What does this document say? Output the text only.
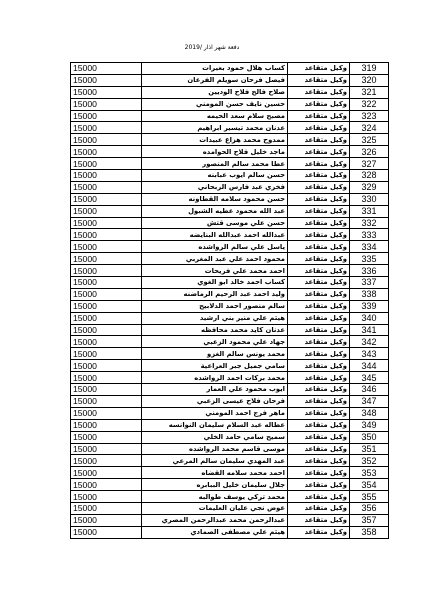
دفعة شهر اذار /2019
15000	كساب هلال حمود بعيرات	وكيل متقاعد	319
15000	فيصل فرحان سويلم الفرعان	وكيل متقاعد	320
15000	صلاح فالح فلاح الوديين	وكيل متقاعد	321
15000	حسين نايف حسن المومني	وكيل متقاعد	322
15000	مصبح سلام سعد الحيمه	وكيل متقاعد	323
15000	عدنان محمد تيسير ابراهيم	وكيل متقاعد	324
15000	ممدوح محمد هزاع عبيدات	وكيل متقاعد	325
15000	ماجد خليل فلاح الحوامده	وكيل متقاعد	326
15000	عطا محمد سالم المنصور	وكيل متقاعد	327
15000	حسن سالم ايوب عبابنه	وكيل متقاعد	328
15000	فخري عبد فارس الربحاني	وكيل متقاعد	329
15000	حسن محمود سلامه القطاونه	وكيل متقاعد	330
15000	عبد الله محمود عطيه الشبول	وكيل متقاعد	331
15000	حسن علي موسى قتش	وكيل متقاعد	332
15000	عبدالله احمد عبدالله البنايضه	وكيل متقاعد	333
15000	ياسل علي سالم الرواشده	وكيل متقاعد	334
15000	محمود احمد علي عبد المغربي	وكيل متقاعد	335
15000	احمد محمد علي فريحات	وكيل متقاعد	336
15000	كساب احمد خالد ابو الغوي	وكيل متقاعد	337
15000	وليد احمد عبد الرحيم الرماضنه	وكيل متقاعد	338
15000	سالم منصور احمد الدلابيح	وكيل متقاعد	339
15000	هيثم علي منير بني ارشيد	وكيل متقاعد	340
15000	عدنان كايد محمد محافظه	وكيل متقاعد	341
15000	جهاد علي محمود الزعبي	وكيل متقاعد	342
15000	محمد يونس سالم الغزو	وكيل متقاعد	343
15000	سامي جميل جبر العراعية	وكيل متقاعد	344
15000	محمد بركات احمد الرواشده	وكيل متقاعد	345
15000	ايوب محمود علي العمار	وكيل متقاعد	346
15000	فرحان فلاح عيسى الزعبي	وكيل متقاعد	347
15000	ماهر فرج احمد المومني	وكيل متقاعد	348
15000	عطاله عبد السلام سليمان النوانسه	وكيل متقاعد	349
15000	سميح سامي حامد الخلي	وكيل متقاعد	350
15000	موسى قاسم محمد الرواشده	وكيل متقاعد	351
15000	عبد المهدي سليمان سالم المرعي	وكيل متقاعد	352
15000	احمد محمد سلامه القضاه	وكيل متقاعد	353
15000	جلال سليمان خليل الببابره	وكيل متقاعد	354
15000	محمد تركي يوسف طوالبه	وكيل متقاعد	355
15000	عوض نجي عليان العليمات	وكيل متقاعد	356
15000	عبدالرحمن محمد عبدالرحمن المصري	وكيل متقاعد	357
15000	هيثم علي مصطفى الصمادي	وكيل متقاعد	358
